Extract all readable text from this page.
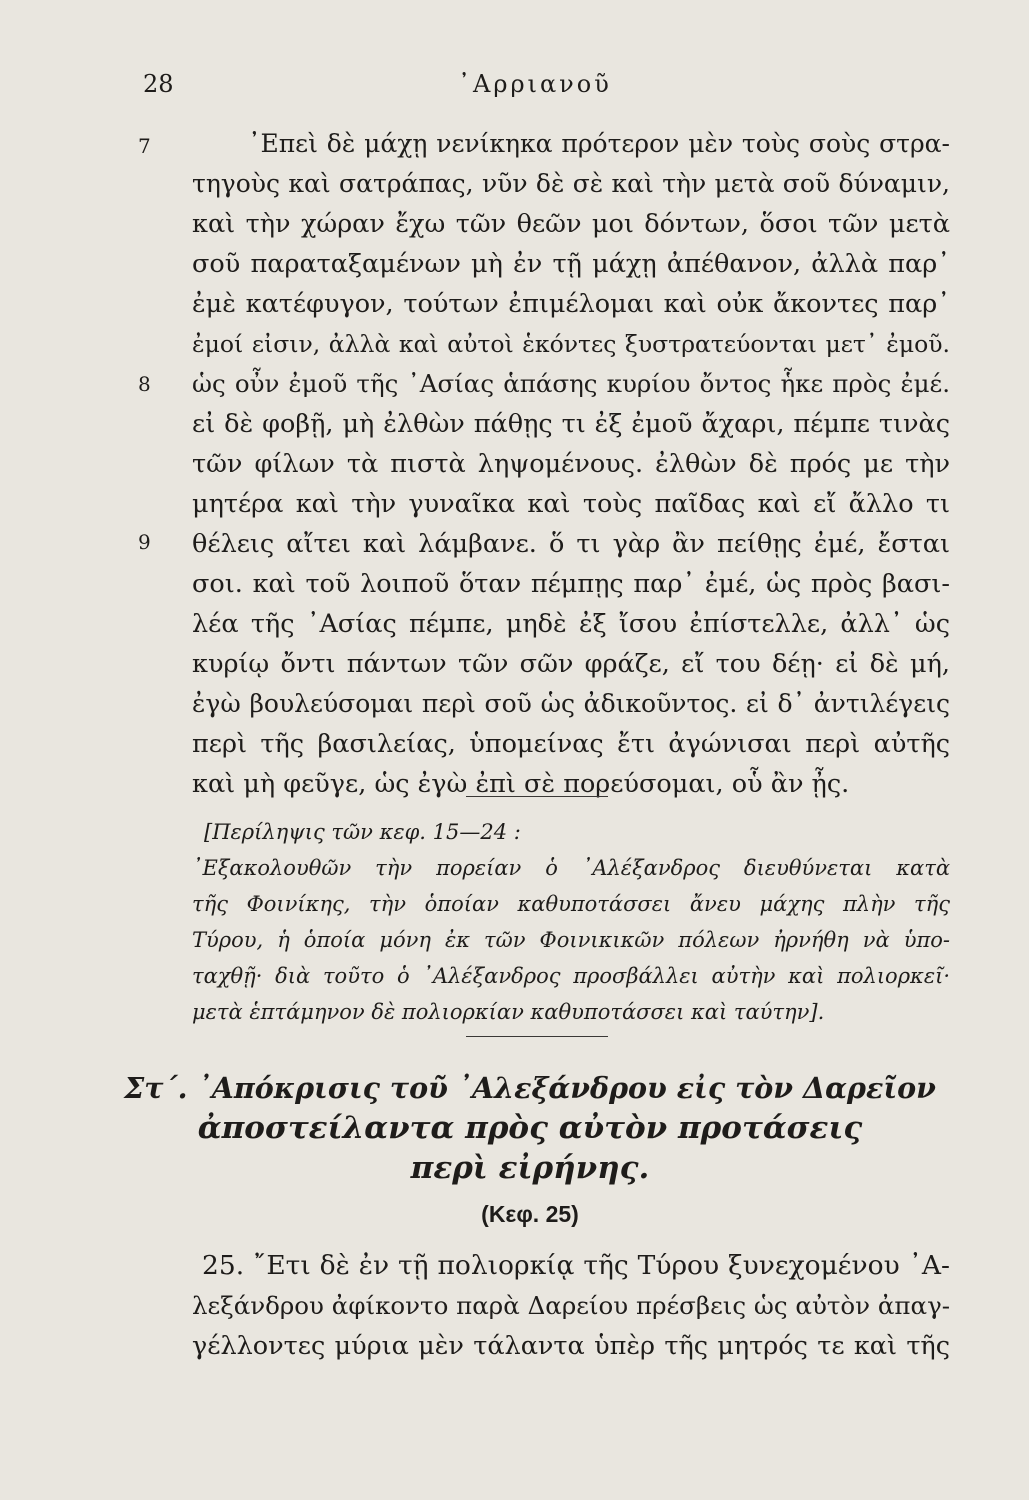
28	᾽Αρριανοῦ
7
8
9
᾽Επεὶ δὲ μάχῃ νενίκηκα πρότερον μὲν τοὺς σοὺς στρα-
τηγοὺς καὶ σατράπας, νῦν δὲ σὲ καὶ τὴν μετὰ σοῦ δύναμιν,
καὶ τὴν χώραν ἔχω τῶν θεῶν μοι δόντων, ὅσοι τῶν μετὰ
σοῦ παραταξαμένων μὴ ἐν τῇ μάχῃ ἀπέθανον, ἀλλὰ παρ᾽
ἐμὲ κατέφυγον, τούτων ἐπιμέλομαι καὶ οὐκ ἄκοντες παρ᾽
ἐμοί εἰσιν, ἀλλὰ καὶ αὐτοὶ ἑκόντες ξυστρατεύονται μετ᾽ ἐμοῦ.
ὡς οὖν ἐμοῦ τῆς ᾽Ασίας ἁπάσης κυρίου ὄντος ἧκε πρὸς ἐμέ.
εἰ δὲ φοβῇ, μὴ ἐλθὼν πάθῃς τι ἐξ ἐμοῦ ἄχαρι, πέμπε τινὰς
τῶν φίλων τὰ πιστὰ ληψομένους. ἐλθὼν δὲ πρός με τὴν
μητέρα καὶ τὴν γυναῖκα καὶ τοὺς παῖδας καὶ εἴ ἄλλο τι
θέλεις αἴτει καὶ λάμβανε. ὅ τι γὰρ ἂν πείθῃς ἐμέ, ἔσται
σοι. καὶ τοῦ λοιποῦ ὅταν πέμπῃς παρ᾽ ἐμέ, ὡς πρὸς βασι-
λέα τῆς ᾽Ασίας πέμπε, μηδὲ ἐξ ἴσου ἐπίστελλε, ἀλλ᾽ ὡς
κυρίῳ ὄντι πάντων τῶν σῶν φράζε, εἴ του δέῃ· εἰ δὲ μή,
ἐγὼ βουλεύσομαι περὶ σοῦ ὡς ἀδικοῦντος. εἰ δ᾽ ἀντιλέγεις
περὶ τῆς βασιλείας, ὑπομείνας ἔτι ἀγώνισαι περὶ αὐτῆς
καὶ μὴ φεῦγε, ὡς ἐγὼ ἐπὶ σὲ πορεύσομαι, οὗ ἂν ᾖς.
[Περίληψις τῶν κεφ. 15—24 :
᾽Εξακολουθῶν τὴν πορείαν ὁ ᾽Αλέξανδρος διευθύνεται κατὰ
τῆς Φοινίκης, τὴν ὁποίαν καθυποτάσσει ἄνευ μάχης πλὴν τῆς
Τύρου, ἡ ὁποία μόνη ἐκ τῶν Φοινικικῶν πόλεων ἠρνήθη νὰ ὑπο-
ταχθῇ· διὰ τοῦτο ὁ ᾽Αλέξανδρος προσβάλλει αὐτὴν καὶ πολιορκεῖ·
μετὰ ἑπτάμηνον δὲ πολιορκίαν καθυποτάσσει καὶ ταύτην].
Στ΄. ᾽Απόκρισις τοῦ ᾽Αλεξάνδρου εἰς τὸν Δαρεῖον
ἀποστείλαντα πρὸς αὐτὸν προτάσεις
περὶ εἰρήνης.
(Κεφ. 25)
25. ῎Ετι δὲ ἐν τῇ πολιορκίᾳ τῆς Τύρου ξυνεχομένου ᾽Α-
λεξάνδρου ἀφίκοντο παρὰ Δαρείου πρέσβεις ὡς αὐτὸν ἀπαγ-
γέλλοντες μύρια μὲν τάλαντα ὑπὲρ τῆς μητρός τε καὶ τῆς
